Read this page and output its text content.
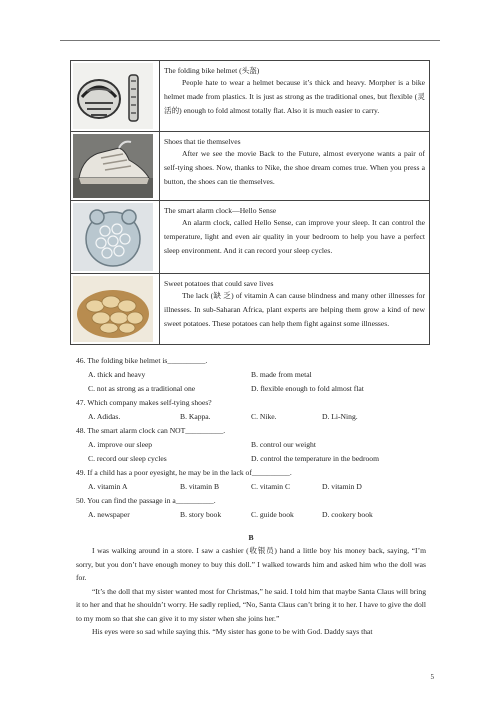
The folding bike helmet (头盔)
People hate to wear a helmet because it’s thick and heavy. Morpher is a bike helmet made from plastics. It is just as strong as the traditional ones, but flexible (灵活的) enough to fold almost totally flat. Also it is much easier to carry.

Shoes that tie themselves
After we see the movie Back to the Future, almost everyone wants a pair of self-tying shoes. Now, thanks to Nike, the shoe dream comes true. When you press a button, the shoes can tie themselves.

The smart alarm clock—Hello Sense
An alarm clock, called Hello Sense, can improve your sleep. It can control the temperature, light and even air quality in your bedroom to help you have a perfect sleep environment. And it can record your sleep cycles.

Sweet potatoes that could save lives
The lack (缺 乏) of vitamin A can cause blindness and many other illnesses for illnesses. In sub-Saharan Africa, plant experts are helping them grow a kind of new sweet potatoes. These potatoes can help them fight against some illnesses.
46. The folding bike helmet is__________.
A. thick and heavy	B. made from metal
C. not as strong as a traditional one	D. flexible enough to fold almost flat
47. Which company makes self-tying shoes?
A. Adidas.	B. Kappa.	C. Nike.	D. Li-Ning.
48. The smart alarm clock can NOT__________.
A. improve our sleep	B. control our weight
C. record our sleep cycles	D. control the temperature in the bedroom
49. If a child has a poor eyesight, he may be in the lack of__________.
A. vitamin A	B. vitamin B	C. vitamin C	D. vitamin D
50. You can find the passage in a__________.
A. newspaper	B. story book	C. guide book	D. cookery book
B
I was walking around in a store. I saw a cashier (收银员) hand a little boy his money back, saying, “I’m sorry, but you don’t have enough money to buy this doll.” I walked towards him and asked him who the doll was for.
“It’s the doll that my sister wanted most for Christmas,” he said. I told him that maybe Santa Claus will bring it to her and that he shouldn’t worry. He sadly replied, “No, Santa Claus can’t bring it to her. I have to give the doll to my mom so that she can give it to my sister when she joins her.”
His eyes were so sad while saying this. “My sister has gone to be with God. Daddy says that
5
